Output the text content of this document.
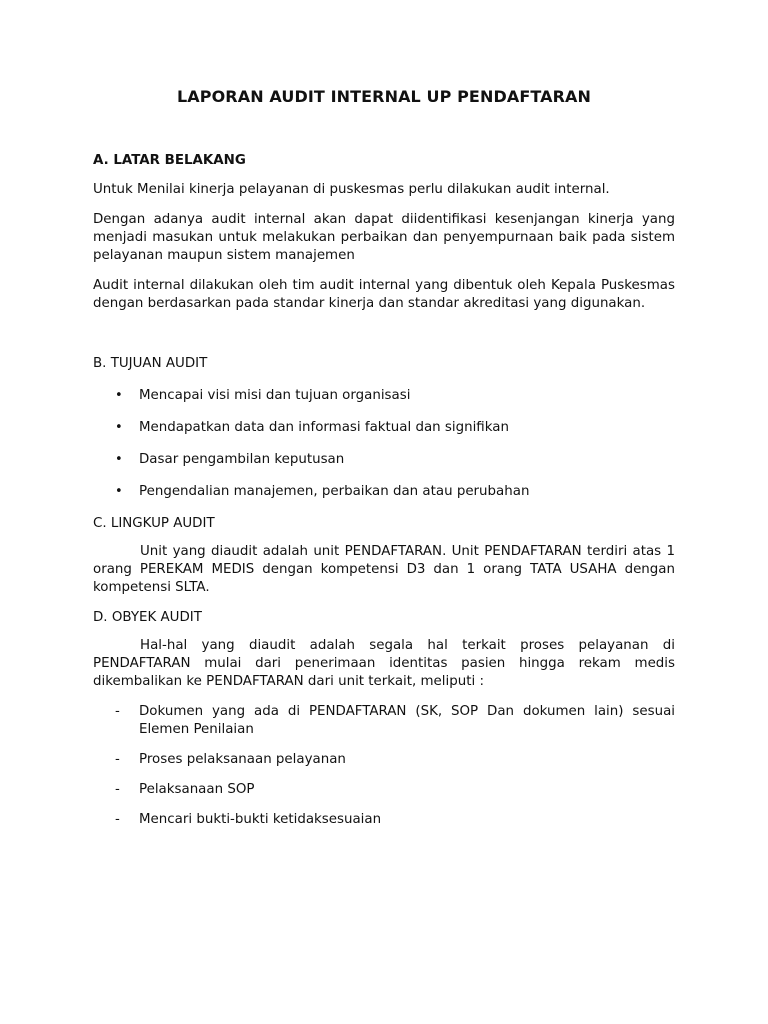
LAPORAN AUDIT INTERNAL UP PENDAFTARAN
A. LATAR BELAKANG

Untuk Menilai kinerja pelayanan di puskesmas perlu dilakukan audit internal.

Dengan adanya audit internal akan dapat diidentifikasi kesenjangan kinerja yang menjadi masukan untuk melakukan perbaikan dan penyempurnaan baik pada sistem pelayanan maupun sistem manajemen

Audit internal dilakukan oleh tim audit internal yang dibentuk oleh Kepala Puskesmas dengan berdasarkan pada standar kinerja dan standar akreditasi yang digunakan.

B. TUJUAN AUDIT
• Mencapai visi misi dan tujuan organisasi
• Mendapatkan data dan informasi faktual dan signifikan
• Dasar pengambilan keputusan
• Pengendalian manajemen, perbaikan dan atau perubahan
C. LINGKUP AUDIT

Unit yang diaudit adalah unit PENDAFTARAN. Unit PENDAFTARAN terdiri atas 1 orang PEREKAM MEDIS dengan kompetensi D3 dan 1 orang TATA USAHA dengan kompetensi SLTA.

D. OBYEK AUDIT

Hal-hal yang diaudit adalah segala hal terkait proses pelayanan di PENDAFTARAN mulai dari penerimaan identitas pasien hingga rekam medis dikembalikan ke PENDAFTARAN dari unit terkait, meliputi :

- Dokumen yang ada di PENDAFTARAN (SK, SOP Dan dokumen lain) sesuai Elemen Penilaian
- Proses pelaksanaan pelayanan
- Pelaksanaan SOP
- Mencari bukti-bukti ketidaksesuaian
